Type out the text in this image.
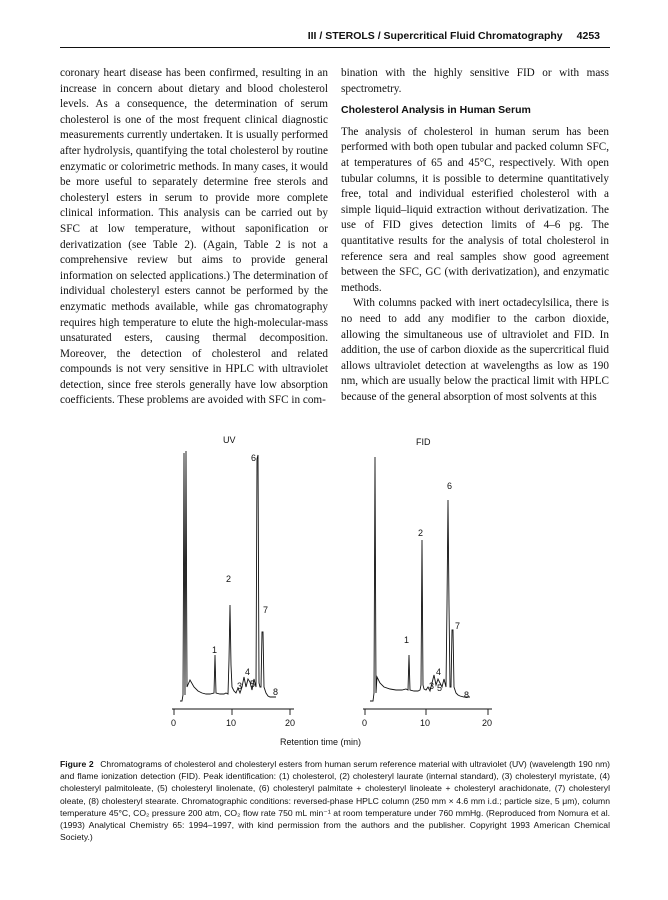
III / STEROLS / Supercritical Fluid Chromatography 4253

coronary heart disease has been confirmed, resulting in an increase in concern about dietary and blood cholesterol levels. As a consequence, the determination of serum cholesterol is one of the most frequent clinical diagnostic measurements currently undertaken. It is usually performed after hydrolysis, quantifying the total cholesterol by routine enzymatic or colorimetric methods. In many cases, it would be more useful to separately determine free sterols and cholesteryl esters in serum to provide more complete clinical information. This analysis can be carried out by SFC at low temperature, without saponification or derivatization (see Table 2). (Again, Table 2 is not a comprehensive review but aims to provide general information on selected applications.) The determination of individual cholesteryl esters cannot be performed by the enzymatic methods available, while gas chromatography requires high temperature to elute the high-molecular-mass unsaturated esters, causing thermal decomposition. Moreover, the detection of cholesterol and related compounds is not very sensitive in HPLC with ultraviolet detection, since free sterols generally have low absorption coefficients. These problems are avoided with SFC in com-

bination with the highly sensitive FID or with mass spectrometry.

Cholesterol Analysis in Human Serum

The analysis of cholesterol in human serum has been performed with both open tubular and packed column SFC, at temperatures of 65 and 45°C, respectively. With open tubular columns, it is possible to determine quantitatively free, total and individual esterified cholesterol with a simple liquid–liquid extraction without derivatization. The use of FID gives detection limits of 4–6 pg. The quantitative results for the analysis of total cholesterol in reference sera and real samples show good agreement between the SFC, GC (with derivatization), and enzymatic methods.

With columns packed with inert octadecylsilica, there is no need to add any modifier to the carbon dioxide, allowing the simultaneous use of ultraviolet and FID. In addition, the use of carbon dioxide as the supercritical fluid allows ultraviolet detection at wavelengths as low as 190 nm, which are usually below the practical limit with HPLC because of the general absorption of most solvents at this

UV
0	10	20
1
2
3
4
5
6
7
8
FID
0	10	20
1
2
3
4
5
6
7
8
Retention time (min)
Figure 2 Chromatograms of cholesterol and cholesteryl esters from human serum reference material with ultraviolet (UV) (wavelength 190 nm) and flame ionization detection (FID). Peak identification: (1) cholesterol, (2) cholesteryl laurate (internal standard), (3) cholesteryl myristate, (4) cholesteryl palmitoleate, (5) cholesteryl linolenate, (6) cholesteryl palmitate + cholesteryl linoleate + cholesteryl arachidonate, (7) cholesteryl oleate, (8) cholesteryl stearate. Chromatographic conditions: reversed-phase HPLC column (250 mm × 4.6 mm i.d.; particle size, 5 μm), column temperature 45°C, CO₂ pressure 200 atm, CO₂ flow rate 750 mL min⁻¹ at room temperature under 760 mmHg. (Reproduced from Nomura et al. (1993) Analytical Chemistry 65: 1994–1997, with kind permission from the authors and the publisher. Copyright 1993 American Chemical Society.)
